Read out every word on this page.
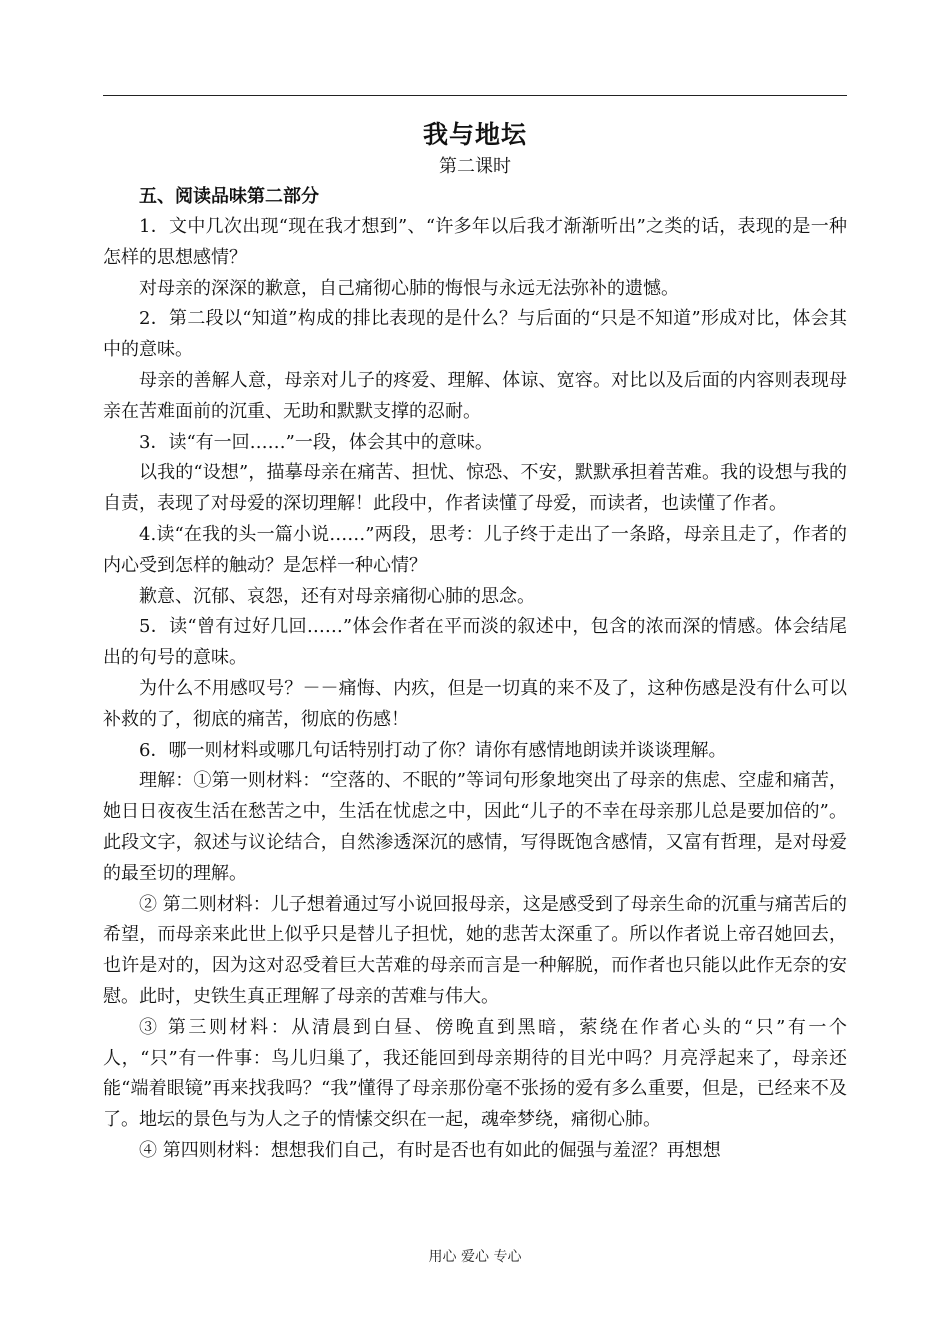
我与地坛
第二课时
五、阅读品味第二部分

1．文中几次出现“现在我才想到”、“许多年以后我才渐渐听出”之类的话，表现的是一种怎样的思想感情？

对母亲的深深的歉意，自己痛彻心肺的悔恨与永远无法弥补的遗憾。

2．第二段以“知道”构成的排比表现的是什么？与后面的“只是不知道”形成对比，体会其中的意味。

母亲的善解人意，母亲对儿子的疼爱、理解、体谅、宽容。对比以及后面的内容则表现母亲在苦难面前的沉重、无助和默默支撑的忍耐。

3．读“有一回……”一段，体会其中的意味。

以我的“设想”，描摹母亲在痛苦、担忧、惊恐、不安，默默承担着苦难。我的设想与我的自责，表现了对母爱的深切理解！此段中，作者读懂了母爱，而读者，也读懂了作者。

4.读“在我的头一篇小说……”两段，思考：儿子终于走出了一条路，母亲且走了，作者的内心受到怎样的触动？是怎样一种心情？

歉意、沉郁、哀怨，还有对母亲痛彻心肺的思念。

5．读“曾有过好几回……”体会作者在平而淡的叙述中，包含的浓而深的情感。体会结尾出的句号的意味。

为什么不用感叹号？－－痛悔、内疚，但是一切真的来不及了，这种伤感是没有什么可以补救的了，彻底的痛苦，彻底的伤感！

6．哪一则材料或哪几句话特别打动了你？请你有感情地朗读并谈谈理解。

理解：①第一则材料：“空落的、不眠的”等词句形象地突出了母亲的焦虑、空虚和痛苦，她日日夜夜生活在愁苦之中，生活在忧虑之中，因此“儿子的不幸在母亲那儿总是要加倍的”。此段文字，叙述与议论结合，自然渗透深沉的感情，写得既饱含感情，又富有哲理，是对母爱的最至切的理解。

② 第二则材料：儿子想着通过写小说回报母亲，这是感受到了母亲生命的沉重与痛苦后的希望，而母亲来此世上似乎只是替儿子担忧，她的悲苦太深重了。所以作者说上帝召她回去，也许是对的，因为这对忍受着巨大苦难的母亲而言是一种解脱，而作者也只能以此作无奈的安慰。此时，史铁生真正理解了母亲的苦难与伟大。

③ 第三则材料：从清晨到白昼、傍晚直到黑暗，萦绕在作者心头的“只”有一个人，“只”有一件事：鸟儿归巢了，我还能回到母亲期待的目光中吗？月亮浮起来了，母亲还能“端着眼镜”再来找我吗？“我”懂得了母亲那份毫不张扬的爱有多么重要，但是，已经来不及了。地坛的景色与为人之子的情愫交织在一起，魂牵梦绕，痛彻心肺。

④ 第四则材料：想想我们自己，有时是否也有如此的倔强与羞涩？再想想

用心 爱心 专心
